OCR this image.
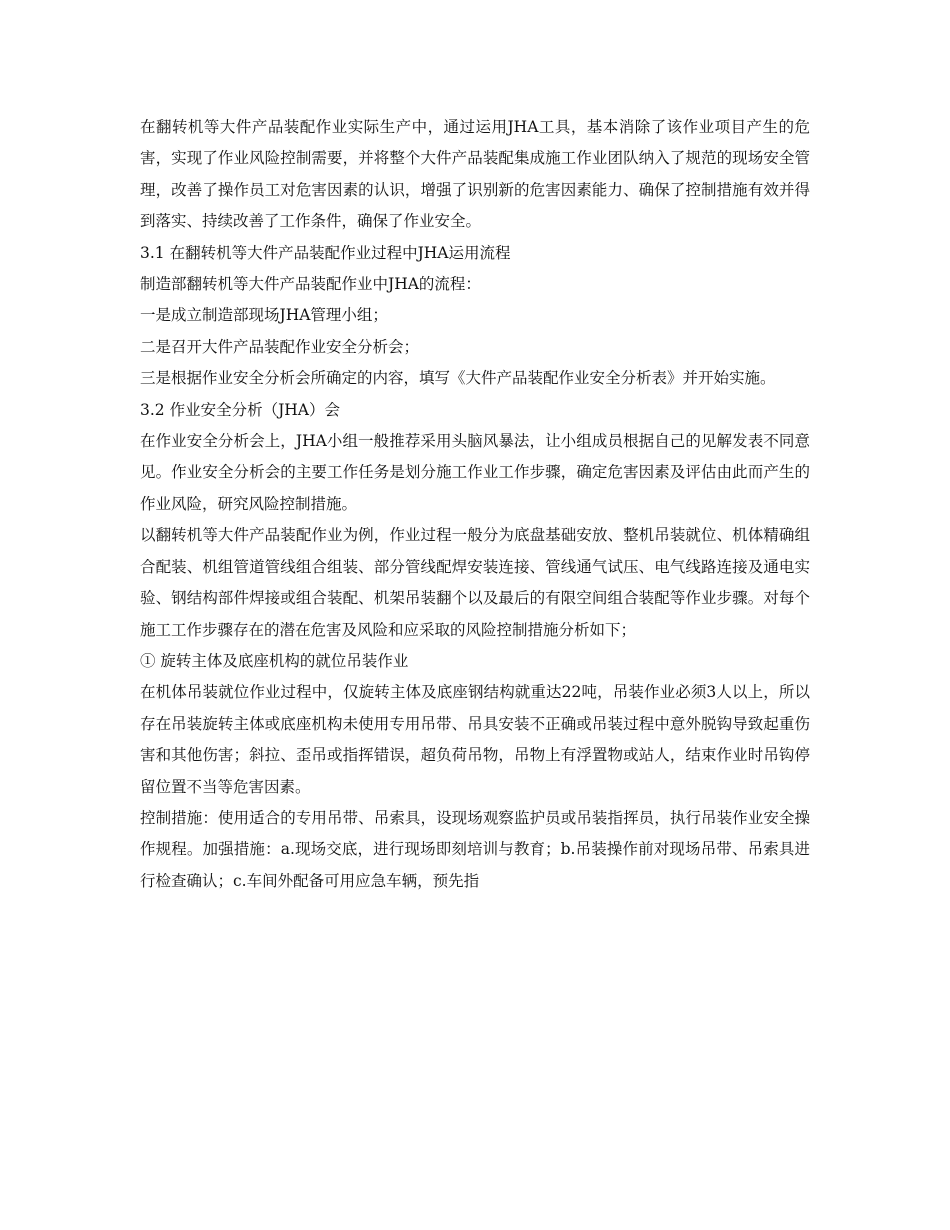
在翻转机等大件产品装配作业实际生产中，通过运用JHA工具，基本消除了该作业项目产生的危害，实现了作业风险控制需要，并将整个大件产品装配集成施工作业团队纳入了规范的现场安全管理，改善了操作员工对危害因素的认识，增强了识别新的危害因素能力、确保了控制措施有效并得到落实、持续改善了工作条件，确保了作业安全。

3.1 在翻转机等大件产品装配作业过程中JHA运用流程

制造部翻转机等大件产品装配作业中JHA的流程：

一是成立制造部现场JHA管理小组；

二是召开大件产品装配作业安全分析会；

三是根据作业安全分析会所确定的内容，填写《大件产品装配作业安全分析表》并开始实施。

3.2 作业安全分析（JHA）会

在作业安全分析会上，JHA小组一般推荐采用头脑风暴法，让小组成员根据自己的见解发表不同意见。作业安全分析会的主要工作任务是划分施工作业工作步骤，确定危害因素及评估由此而产生的作业风险，研究风险控制措施。

以翻转机等大件产品装配作业为例，作业过程一般分为底盘基础安放、整机吊装就位、机体精确组合配装、机组管道管线组合组装、部分管线配焊安装连接、管线通气试压、电气线路连接及通电实验、钢结构部件焊接或组合装配、机架吊装翻个以及最后的有限空间组合装配等作业步骤。对每个施工工作步骤存在的潜在危害及风险和应采取的风险控制措施分析如下；

① 旋转主体及底座机构的就位吊装作业

在机体吊装就位作业过程中，仅旋转主体及底座钢结构就重达22吨，吊装作业必须3人以上，所以存在吊装旋转主体或底座机构未使用专用吊带、吊具安装不正确或吊装过程中意外脱钩导致起重伤害和其他伤害；斜拉、歪吊或指挥错误，超负荷吊物，吊物上有浮置物或站人，结束作业时吊钩停留位置不当等危害因素。

控制措施：使用适合的专用吊带、吊索具，设现场观察监护员或吊装指挥员，执行吊装作业安全操作规程。加强措施：a.现场交底，进行现场即刻培训与教育；b.吊装操作前对现场吊带、吊索具进行检查确认；c.车间外配备可用应急车辆，预先指
